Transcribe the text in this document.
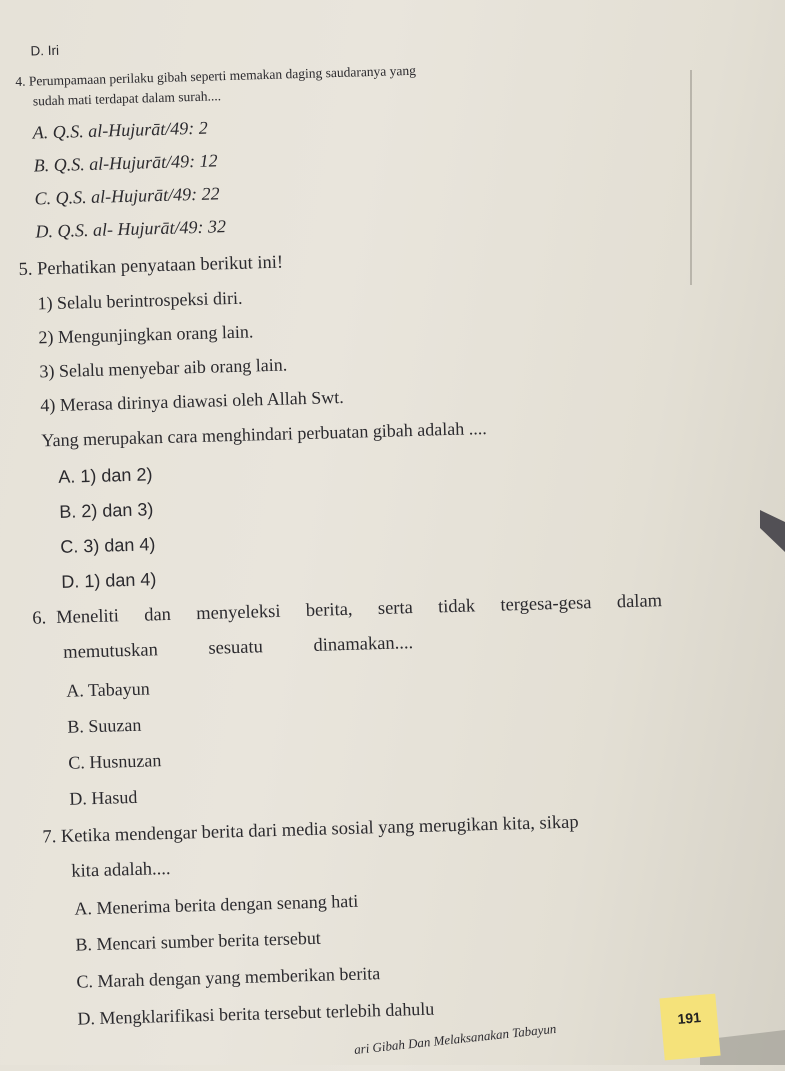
D. Iri
4. Perumpamaan perilaku gibah seperti memakan daging saudaranya yang
sudah mati terdapat dalam surah....
A. Q.S. al-Hujurāt/49: 2
B. Q.S. al-Hujurāt/49: 12
C. Q.S. al-Hujurāt/49: 22
D. Q.S. al- Hujurāt/49: 32
5. Perhatikan penyataan berikut ini!
1) Selalu berintrospeksi diri.
2) Mengunjingkan orang lain.
3) Selalu menyebar aib orang lain.
4) Merasa dirinya diawasi oleh Allah Swt.
Yang merupakan cara menghindari perbuatan gibah adalah ....
A. 1) dan 2)
B. 2) dan 3)
C. 3) dan 4)
D. 1) dan 4)
6. Meneliti dan menyeleksi berita, serta tidak tergesa-gesa dalam
memutuskan	sesuatu	dinamakan....
A. Tabayun
B. Suuzan
C. Husnuzan
D. Hasud
7. Ketika mendengar berita dari media sosial yang merugikan kita, sikap
kita adalah....
A. Menerima berita dengan senang hati
B. Mencari sumber berita tersebut
C. Marah dengan yang memberikan berita
D. Mengklarifikasi berita tersebut terlebih dahulu
ari Gibah Dan Melaksanakan Tabayun
191
